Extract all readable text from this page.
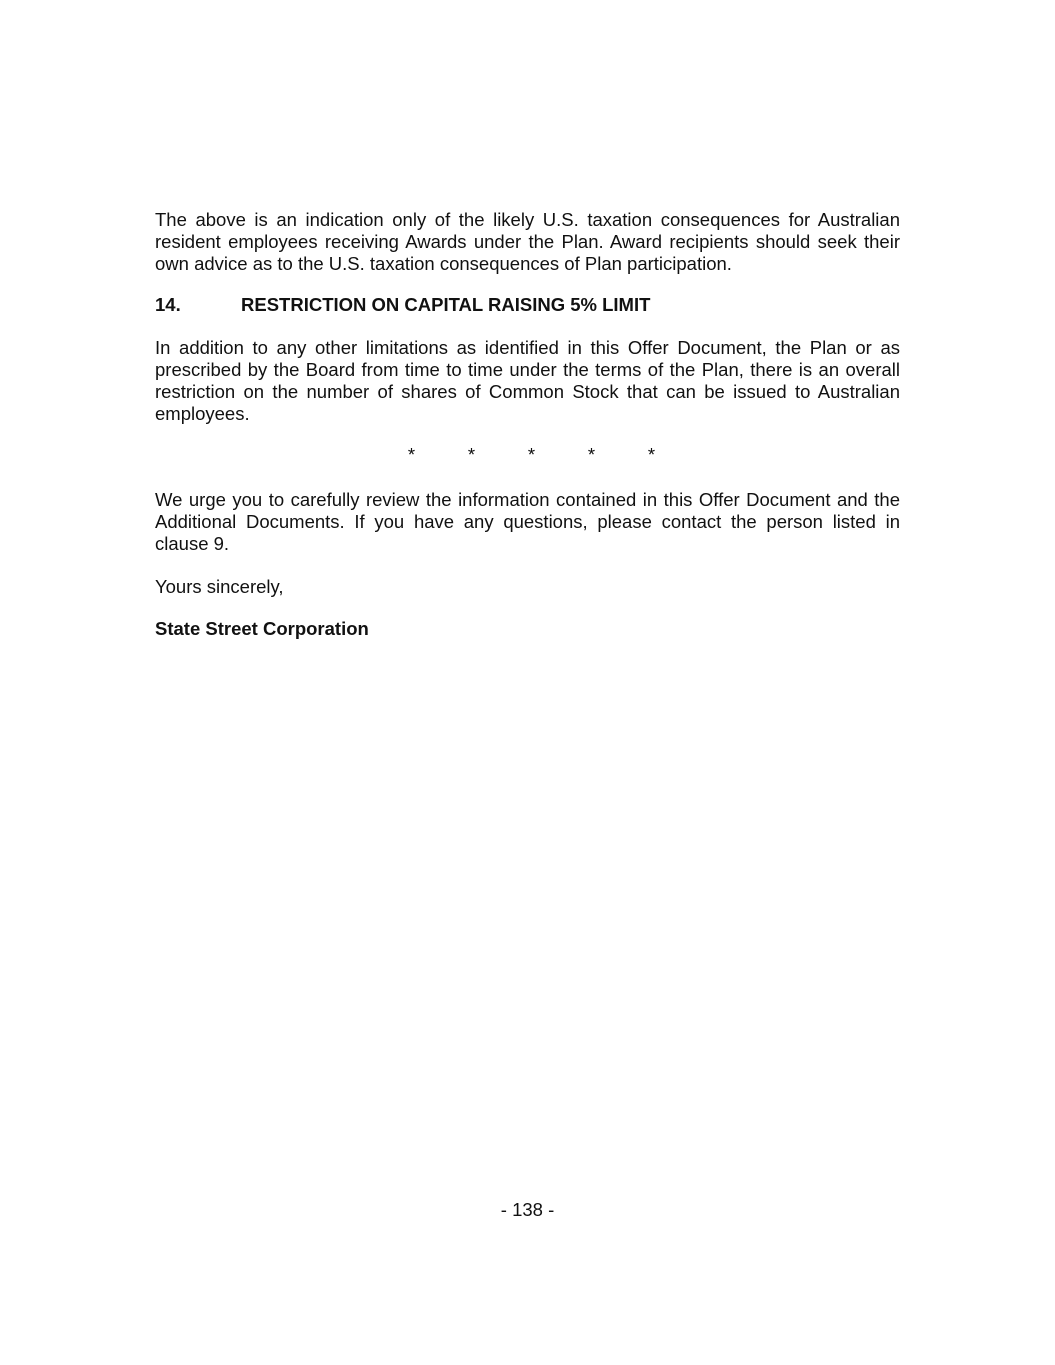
The above is an indication only of the likely U.S. taxation consequences for Australian resident employees receiving Awards under the Plan. Award recipients should seek their own advice as to the U.S. taxation consequences of Plan participation.

14.	RESTRICTION ON CAPITAL RAISING 5% LIMIT

In addition to any other limitations as identified in this Offer Document, the Plan or as prescribed by the Board from time to time under the terms of the Plan, there is an overall restriction on the number of shares of Common Stock that can be issued to Australian employees.

*	*	*	*	*

We urge you to carefully review the information contained in this Offer Document and the Additional Documents. If you have any questions, please contact the person listed in clause 9.

Yours sincerely,

State Street Corporation

- 138 -
